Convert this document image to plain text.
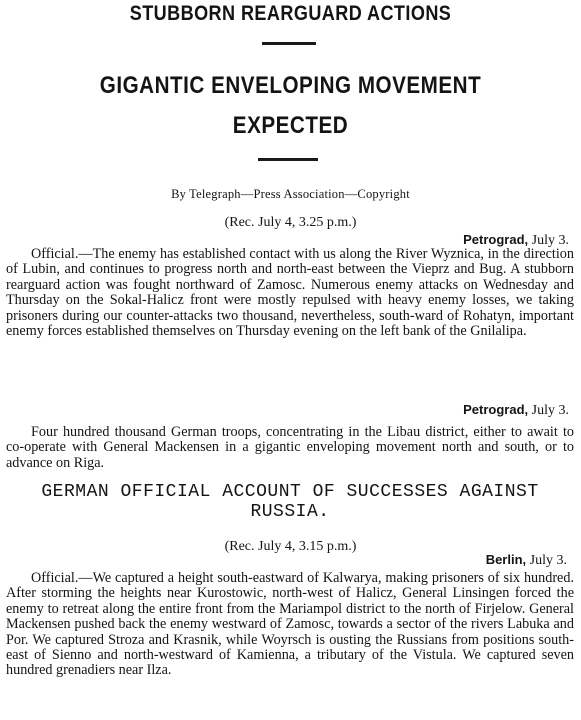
STUBBORN REARGUARD ACTIONS
GIGANTIC ENVELOPING MOVEMENT
EXPECTED
By Telegraph—Press Association—Copyright
(Rec. July 4, 3.25 p.m.)
Petrograd, July 3.

Official.—The enemy has established contact with us along the River Wyznica, in the direction of Lubin, and continues to progress north and north-east between the Vieprz and Bug. A stubborn rearguard action was fought northward of Zamosc. Numerous enemy attacks on Wednesday and Thursday on the Sokal-Halicz front were mostly repulsed with heavy enemy losses, we taking prisoners during our counter-attacks two thousand, nevertheless, south-ward of Rohatyn, important enemy forces established themselves on Thursday evening on the left bank of the Gnilalipa.

Petrograd, July 3.

Four hundred thousand German troops, concentrating in the Libau district, either to await to co-operate with General Mackensen in a gigantic enveloping movement north and south, or to advance on Riga.

GERMAN OFFICIAL ACCOUNT OF SUCCESSES AGAINST RUSSIA.
(Rec. July 4, 3.15 p.m.)
Berlin, July 3.

Official.—We captured a height south-eastward of Kalwarya, making prisoners of six hundred. After storming the heights near Kurostowic, north-west of Halicz, General Linsingen forced the enemy to retreat along the entire front from the Mariampol district to the north of Firjelow. General Mackensen pushed back the enemy westward of Zamosc, towards a sector of the rivers Labuka and Por. We captured Stroza and Krasnik, while Woyrsch is ousting the Russians from positions south-east of Sienno and north-westward of Kamienna, a tributary of the Vistula. We captured seven hundred grenadiers near Ilza.
